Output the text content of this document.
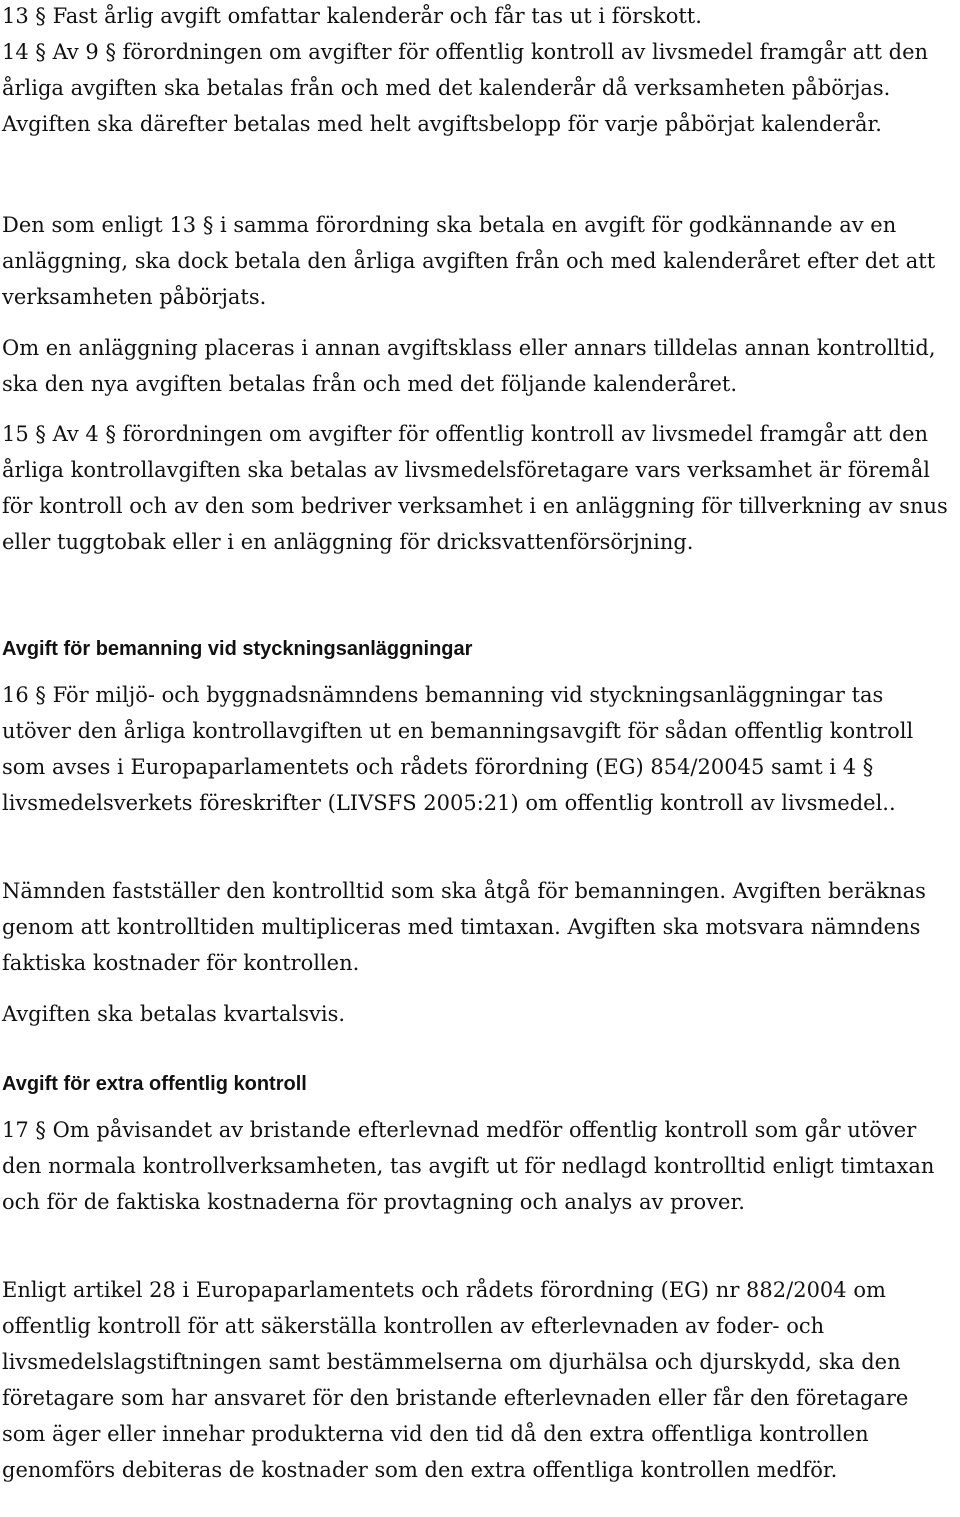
13 § Fast årlig avgift omfattar kalenderår och får tas ut i förskott.

14 § Av 9 § förordningen om avgifter för offentlig kontroll av livsmedel framgår att den årliga avgiften ska betalas från och med det kalenderår då verksamheten påbörjas. Avgiften ska därefter betalas med helt avgiftsbelopp för varje påbörjat kalenderår.

Den som enligt 13 § i samma förordning ska betala en avgift för godkännande av en anläggning, ska dock betala den årliga avgiften från och med kalenderåret efter det att verksamheten påbörjats.

Om en anläggning placeras i annan avgiftsklass eller annars tilldelas annan kontrolltid, ska den nya avgiften betalas från och med det följande kalenderåret.

15 § Av 4 § förordningen om avgifter för offentlig kontroll av livsmedel framgår att den årliga kontrollavgiften ska betalas av livsmedelsföretagare vars verksamhet är föremål för kontroll och av den som bedriver verksamhet i en anläggning för tillverkning av snus eller tuggtobak eller i en anläggning för dricksvattenförsörjning.

Avgift för bemanning vid styckningsanläggningar

16 § För miljö- och byggnadsnämndens bemanning vid styckningsanläggningar tas utöver den årliga kontrollavgiften ut en bemanningsavgift för sådan offentlig kontroll som avses i Europaparlamentets och rådets förordning (EG) 854/20045 samt i 4 § livsmedelsverkets föreskrifter (LIVSFS 2005:21) om offentlig kontroll av livsmedel..

Nämnden fastställer den kontrolltid som ska åtgå för bemanningen. Avgiften beräknas genom att kontrolltiden multipliceras med timtaxan. Avgiften ska motsvara nämndens faktiska kostnader för kontrollen.

Avgiften ska betalas kvartalsvis.

Avgift för extra offentlig kontroll

17 § Om påvisandet av bristande efterlevnad medför offentlig kontroll som går utöver den normala kontrollverksamheten, tas avgift ut för nedlagd kontrolltid enligt timtaxan och för de faktiska kostnaderna för provtagning och analys av prover.

Enligt artikel 28 i Europaparlamentets och rådets förordning (EG) nr 882/2004 om offentlig kontroll för att säkerställa kontrollen av efterlevnaden av foder- och livsmedelslagstiftningen samt bestämmelserna om djurhälsa och djurskydd, ska den företagare som har ansvaret för den bristande efterlevnaden eller får den företagare som äger eller innehar produkterna vid den tid då den extra offentliga kontrollen genomförs debiteras de kostnader som den extra offentliga kontrollen medför.
